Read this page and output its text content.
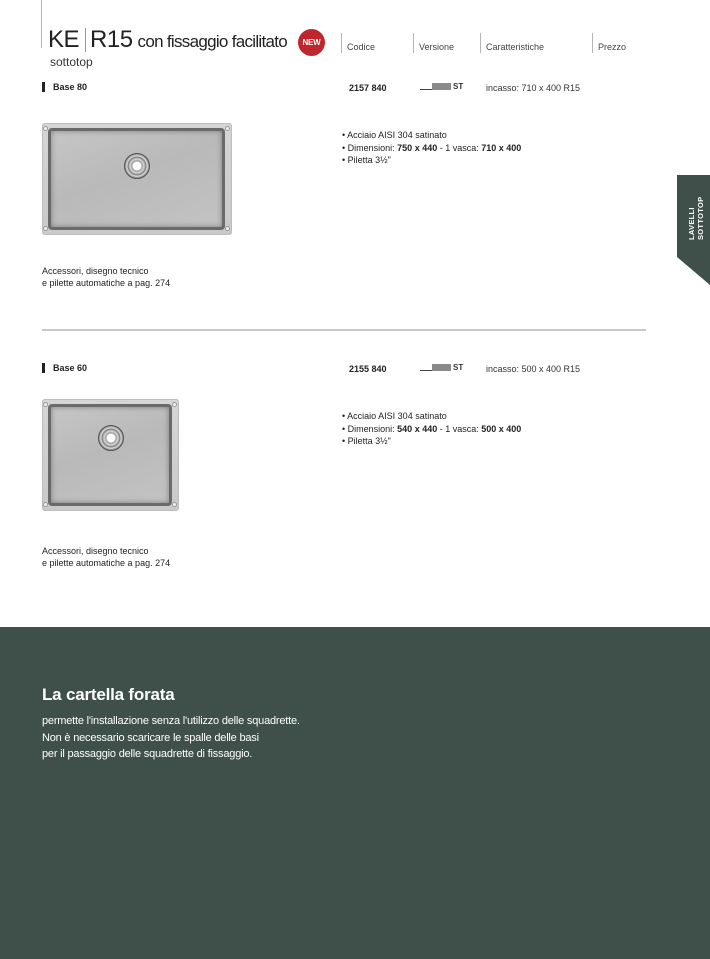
KE R15 con fissaggio facilitato	NEW
sottotop
Codice	Versione	Caratteristiche	Prezzo
Base 80	2157 840	ST	incasso: 710 x 400 R15
• Acciaio AISI 304 satinato
• Dimensioni: 750 x 440 - 1 vasca: 710 x 400
• Piletta 3½"
Accessori, disegno tecnico
e pilette automatiche a pag. 274
Base 60	2155 840	ST	incasso: 500 x 400 R15
• Acciaio AISI 304 satinato
• Dimensioni: 540 x 440 - 1 vasca: 500 x 400
• Piletta 3½"
Accessori, disegno tecnico
e pilette automatiche a pag. 274
LAVELLI SOTTOTOP
La cartella forata
permette l'installazione senza l'utilizzo delle squadrette.
Non è necessario scaricare le spalle delle basi
per il passaggio delle squadrette di fissaggio.
